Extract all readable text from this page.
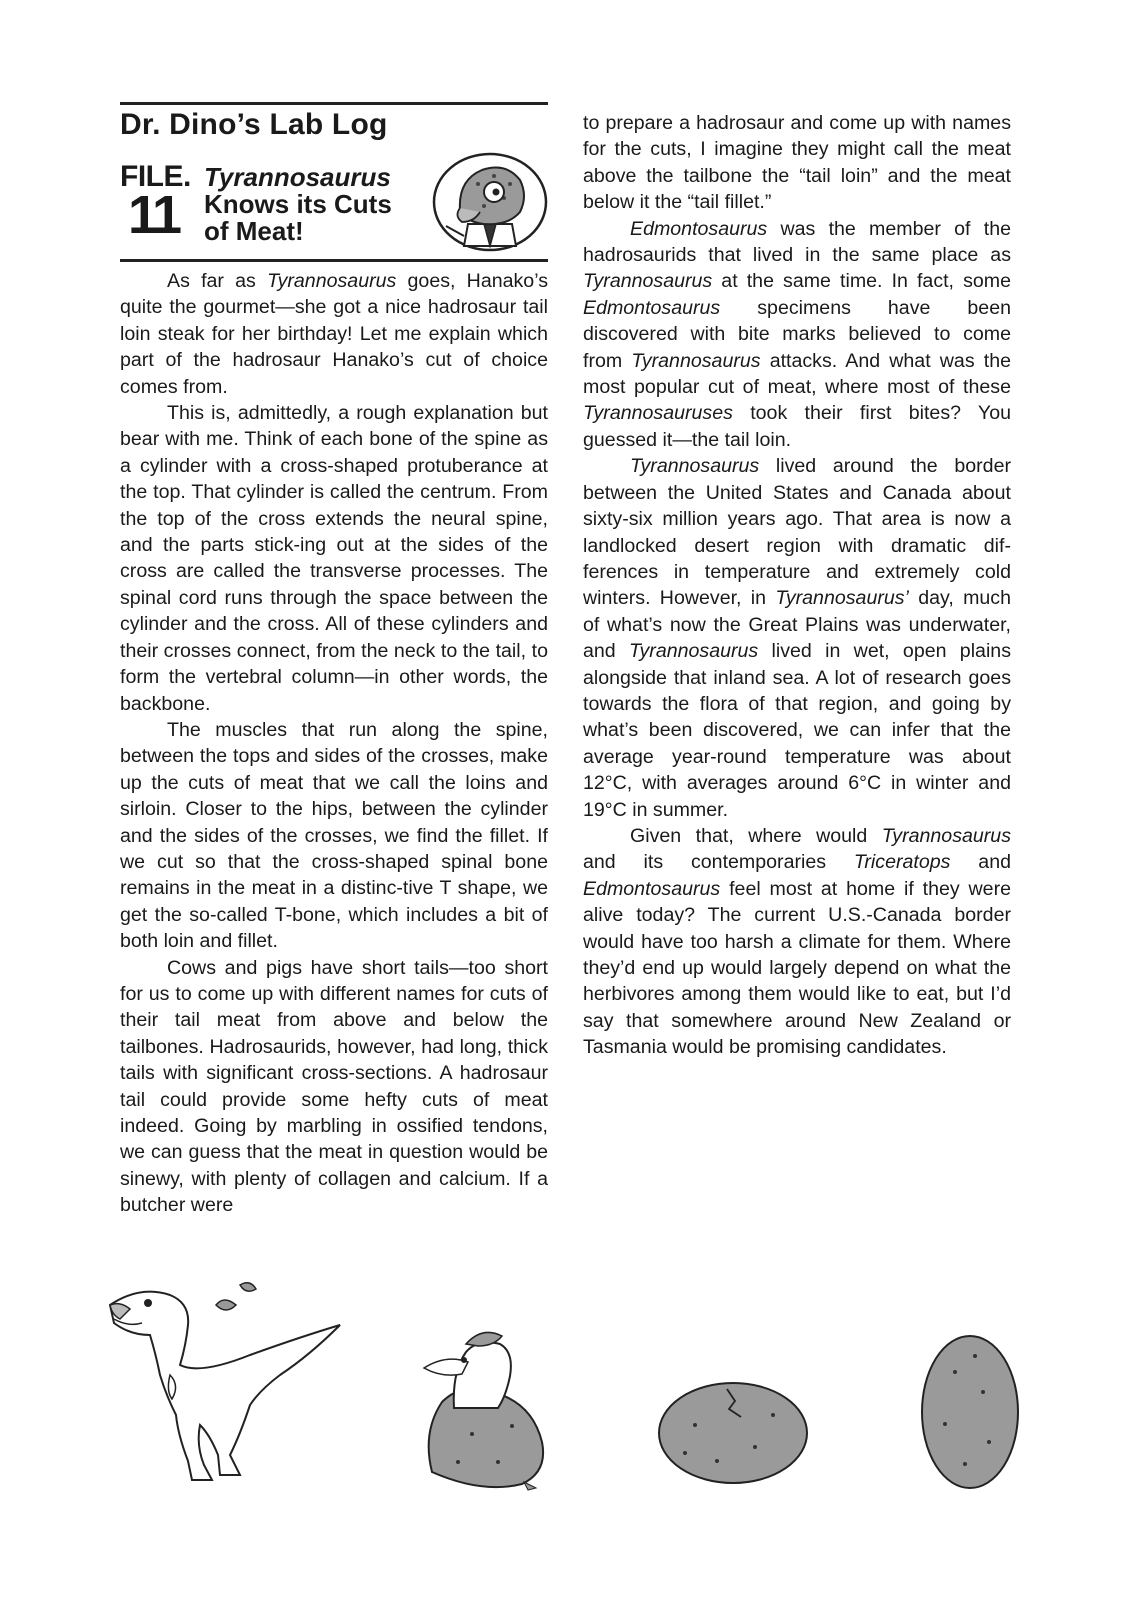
Dr. Dino’s Lab Log
FILE.
11
Tyrannosaurus
Knows its Cuts
of Meat!

As far as Tyrannosaurus goes, Hanako’s quite the gourmet—she got a nice hadrosaur tail loin steak for her birthday! Let me explain which part of the hadrosaur Hanako’s cut of choice comes from.

This is, admittedly, a rough explanation but bear with me. Think of each bone of the spine as a cylinder with a cross-shaped protuberance at the top. That cylinder is called the centrum. From the top of the cross extends the neural spine, and the parts stick-ing out at the sides of the cross are called the transverse processes. The spinal cord runs through the space between the cylinder and the cross. All of these cylinders and their crosses connect, from the neck to the tail, to form the vertebral column—in other words, the backbone.

The muscles that run along the spine, between the tops and sides of the crosses, make up the cuts of meat that we call the loins and sirloin. Closer to the hips, between the cylinder and the sides of the crosses, we find the fillet. If we cut so that the cross-shaped spinal bone remains in the meat in a distinc-tive T shape, we get the so-called T-bone, which includes a bit of both loin and fillet.

Cows and pigs have short tails—too short for us to come up with different names for cuts of their tail meat from above and below the tailbones. Hadrosaurids, however, had long, thick tails with significant cross-sections. A hadrosaur tail could provide some hefty cuts of meat indeed. Going by marbling in ossified tendons, we can guess that the meat in question would be sinewy, with plenty of collagen and calcium. If a butcher were

to prepare a hadrosaur and come up with names for the cuts, I imagine they might call the meat above the tailbone the “tail loin” and the meat below it the “tail fillet.”

Edmontosaurus was the member of the hadrosaurids that lived in the same place as Tyrannosaurus at the same time. In fact, some Edmontosaurus specimens have been discovered with bite marks believed to come from Tyrannosaurus attacks. And what was the most popular cut of meat, where most of these Tyrannosauruses took their first bites? You guessed it—the tail loin.

Tyrannosaurus lived around the border between the United States and Canada about sixty-six million years ago. That area is now a landlocked desert region with dramatic dif-ferences in temperature and extremely cold winters. However, in Tyrannosaurus’ day, much of what’s now the Great Plains was underwater, and Tyrannosaurus lived in wet, open plains alongside that inland sea. A lot of research goes towards the flora of that region, and going by what’s been discovered, we can infer that the average year-round temperature was about 12°C, with averages around 6°C in winter and 19°C in summer.

Given that, where would Tyrannosaurus and its contemporaries Triceratops and Edmontosaurus feel most at home if they were alive today? The current U.S.-Canada border would have too harsh a climate for them. Where they’d end up would largely depend on what the herbivores among them would like to eat, but I’d say that somewhere around New Zealand or Tasmania would be promising candidates.
